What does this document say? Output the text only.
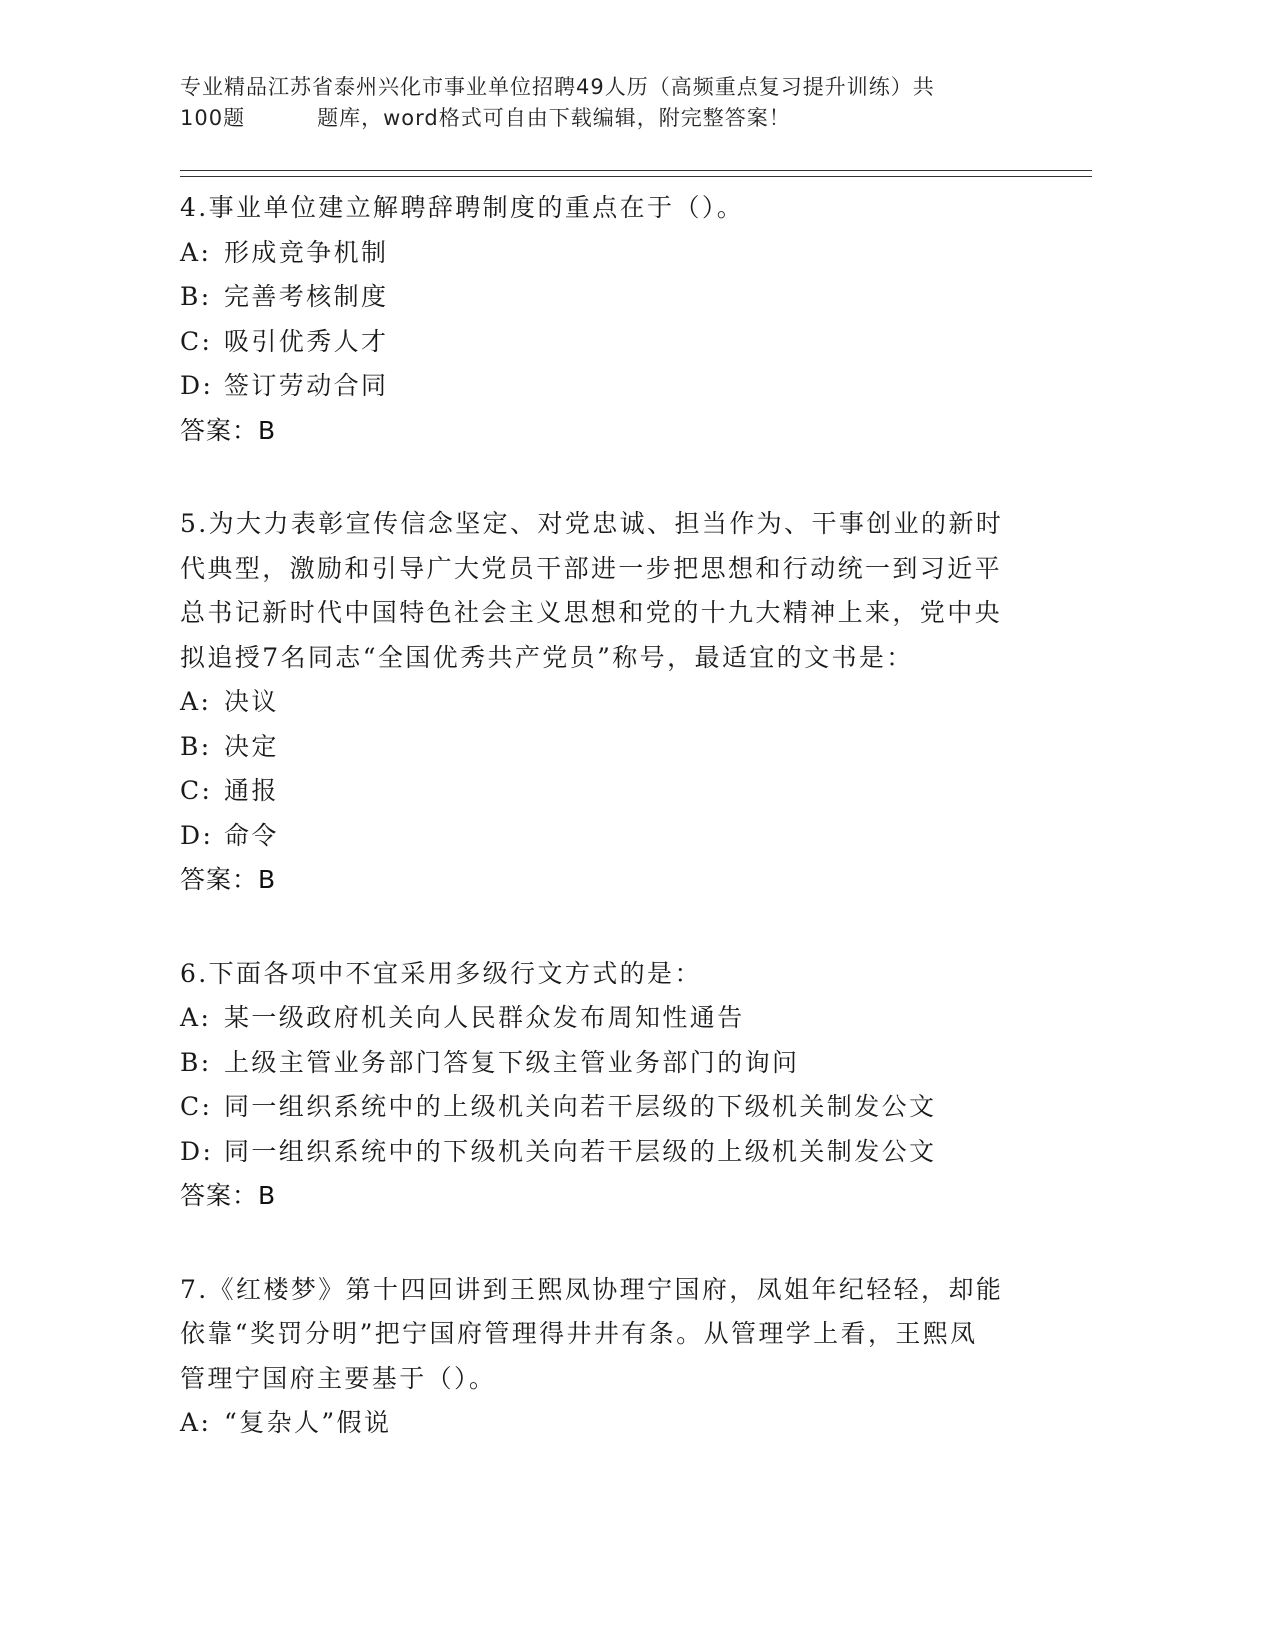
专业精品江苏省泰州兴化市事业单位招聘49人历（高频重点复习提升训练）共
100题	题库，word格式可自由下载编辑，附完整答案！
4.事业单位建立解聘辞聘制度的重点在于（）。
A: 形成竞争机制
B: 完善考核制度
C: 吸引优秀人才
D: 签订劳动合同
答案：B
5.为大力表彰宣传信念坚定、对党忠诚、担当作为、干事创业的新时
代典型，激励和引导广大党员干部进一步把思想和行动统一到习近平
总书记新时代中国特色社会主义思想和党的十九大精神上来，党中央
拟追授7名同志“全国优秀共产党员”称号，最适宜的文书是：
A: 决议
B: 决定
C: 通报
D: 命令
答案：B
6.下面各项中不宜采用多级行文方式的是：
A: 某一级政府机关向人民群众发布周知性通告
B: 上级主管业务部门答复下级主管业务部门的询问
C: 同一组织系统中的上级机关向若干层级的下级机关制发公文
D: 同一组织系统中的下级机关向若干层级的上级机关制发公文
答案：B
7.《红楼梦》第十四回讲到王熙凤协理宁国府，凤姐年纪轻轻，却能
依靠“奖罚分明”把宁国府管理得井井有条。从管理学上看，王熙凤
管理宁国府主要基于（）。
A: “复杂人”假说
